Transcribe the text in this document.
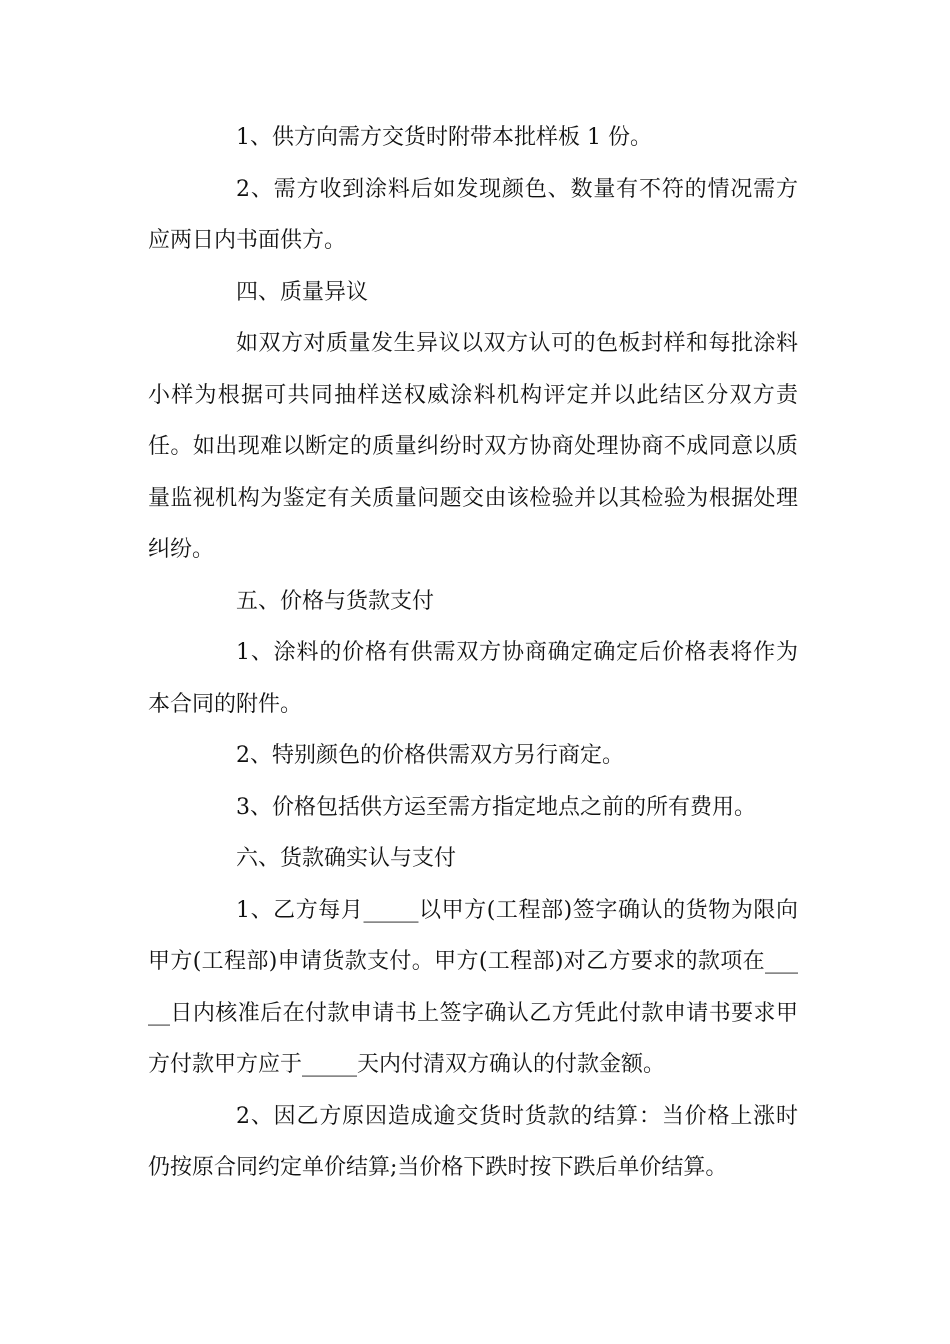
1、供方向需方交货时附带本批样板 1 份。

2、需方收到涂料后如发现颜色、数量有不符的情况需方应两日内书面供方。

四、质量异议

如双方对质量发生异议以双方认可的色板封样和每批涂料小样为根据可共同抽样送权威涂料机构评定并以此结区分双方责任。如出现难以断定的质量纠纷时双方协商处理协商不成同意以质量监视机构为鉴定有关质量问题交由该检验并以其检验为根据处理纠纷。

五、价格与货款支付

1、涂料的价格有供需双方协商确定确定后价格表将作为本合同的附件。

2、特别颜色的价格供需双方另行商定。

3、价格包括供方运至需方指定地点之前的所有费用。

六、货款确实认与支付

1、乙方每月_____以甲方(工程部)签字确认的货物为限向甲方(工程部)申请货款支付。甲方(工程部)对乙方要求的款项在_____日内核准后在付款申请书上签字确认乙方凭此付款申请书要求甲方付款甲方应于_____天内付清双方确认的付款金额。

2、因乙方原因造成逾交货时货款的结算：当价格上涨时仍按原合同约定单价结算;当价格下跌时按下跌后单价结算。
